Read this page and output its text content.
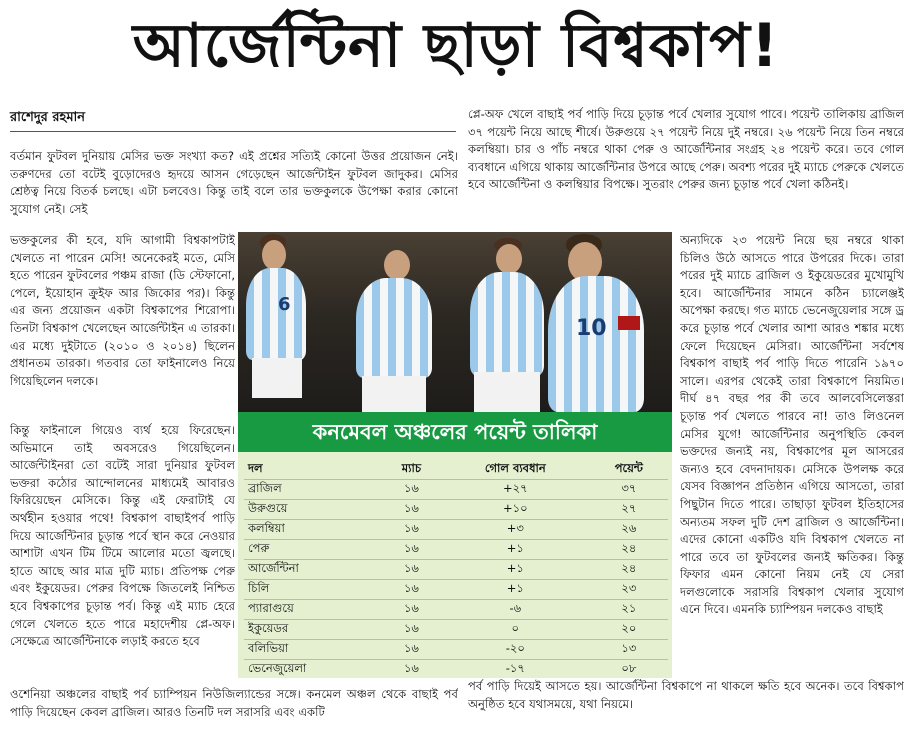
আর্জেন্টিনা ছাড়া বিশ্বকাপ!
রাশেদুর রহমান

বর্তমান ফুটবল দুনিয়ায় মেসির ভক্ত সংখ্যা কত? এই প্রশ্নের সত্যিই কোনো উত্তর প্রয়োজন নেই। তরুণদের তো বটেই বুড়োদেরও হৃদয়ে আসন গেড়েছেন আর্জেন্টাইন ফুটবল জাদুকর। মেসির শ্রেষ্ঠত্ব নিয়ে বিতর্ক চলছে। এটা চলবেও। কিন্তু তাই বলে তার ভক্তকুলকে উপেক্ষা করার কোনো সুযোগ নেই। সেই

ভক্তকুলের কী হবে, যদি আগামী বিশ্বকাপটাই খেলতে না পারেন মেসি! অনেকেরই মতে, মেসি হতে পারেন ফুটবলের পঞ্চম রাজা (ডি স্টেফানো, পেলে, ইয়োহান ক্রুইফ আর জিকোর পর)। কিন্তু এর জন্য প্রয়োজন একটা বিশ্বকাপের শিরোপা। তিনটা বিশ্বকাপ খেলেছেন আর্জেন্টাইন এ তারকা। এর মধ্যে দুইটাতে (২০১০ ও ২০১৪) ছিলেন প্রধানতম তারকা। গতবার তো ফাইনালেও নিয়ে গিয়েছিলেন দলকে।

কিন্তু ফাইনালে গিয়েও ব্যর্থ হয়ে ফিরেছেন। অভিমানে তাই অবসরেও গিয়েছিলেন। আর্জেন্টাইনরা তো বটেই সারা দুনিয়ার ফুটবল ভক্তরা কঠোর আন্দোলনের মাধ্যমেই আবারও ফিরিয়েছেন মেসিকে। কিন্তু এই ফেরাটাই যে অর্থহীন হওয়ার পথে! বিশ্বকাপ বাছাইপর্ব পাড়ি দিয়ে আর্জেন্টিনার চূড়ান্ত পর্বে স্থান করে নেওয়ার আশাটা এখন টিম টিমে আলোর মতো জ্বলছে। হাতে আছে আর মাত্র দুটি ম্যাচ। প্রতিপক্ষ পেরু এবং ইকুয়েডর। পেরুর বিপক্ষে জিতলেই নিশ্চিত হবে বিশ্বকাপের চূড়ান্ত পর্ব। কিন্তু এই ম্যাচ হেরে গেলে খেলতে হতে পারে মহাদেশীয় প্লে-অফ। সেক্ষেত্রে আর্জেন্টিনাকে লড়াই করতে হবে

ওশেনিয়া অঞ্চলের বাছাই পর্ব চ্যাম্পিয়ন নিউজিল্যান্ডের সঙ্গে। কনমেল অঞ্চল থেকে বাছাই পর্ব পাড়ি দিয়েছেন কেবল ব্রাজিল। আরও তিনটি দল সরাসরি এবং একটি

প্লে-অফ খেলে বাছাই পর্ব পাড়ি দিয়ে চূড়ান্ত পর্বে খেলার সুযোগ পাবে। পয়েন্ট তালিকায় ব্রাজিল ৩৭ পয়েন্ট নিয়ে আছে শীর্ষে। উরুগুয়ে ২৭ পয়েন্ট নিয়ে দুই নম্বরে। ২৬ পয়েন্ট নিয়ে তিন নম্বরে কলম্বিয়া। চার ও পাঁচ নম্বরে থাকা পেরু ও আর্জেন্টিনার সংগ্রহ ২৪ পয়েন্ট করে। তবে গোল ব্যবধানে এগিয়ে থাকায় আর্জেন্টিনার উপরে আছে পেরু। অবশ্য পরের দুই ম্যাচে পেরুকে খেলতে হবে আর্জেন্টিনা ও কলম্বিয়ার বিপক্ষে। সুতরাং পেরুর জন্য চূড়ান্ত পর্বে খেলা কঠিনই।

অন্যদিকে ২৩ পয়েন্ট নিয়ে ছয় নম্বরে থাকা চিলিও উঠে আসতে পারে উপরের দিকে। তারা পরের দুই ম্যাচে ব্রাজিল ও ইকুয়েডরের মুখোমুখি হবে। আর্জেন্টিনার সামনে কঠিন চ্যালেঞ্জই অপেক্ষা করছে। গত ম্যাচে ভেনেজুয়েলার সঙ্গে ড্র করে চূড়ান্ত পর্বে খেলার আশা আরও শঙ্কার মধ্যে ফেলে দিয়েছেন মেসিরা। আর্জেন্টিনা সর্বশেষ বিশ্বকাপ বাছাই পর্ব পাড়ি দিতে পারেনি ১৯৭০ সালে। এরপর থেকেই তারা বিশ্বকাপে নিয়মিত। দীর্ঘ ৪৭ বছর পর কী তবে আলবেসিলেস্তরা চূড়ান্ত পর্ব খেলতে পারবে না! তাও লিওনেল মেসির যুগে! আর্জেন্টিনার অনুপস্থিতি কেবল ভক্তদের জন্যই নয়, বিশ্বকাপের মূল আসরের জন্যও হবে বেদনাদায়ক। মেসিকে উপলক্ষ করে যেসব বিজ্ঞাপন প্রতিষ্ঠান এগিয়ে আসতো, তারা পিছুটান দিতে পারে। তাছাড়া ফুটবল ইতিহাসের অন্যতম সফল দুটি দেশ ব্রাজিল ও আর্জেন্টিনা। এদের কোনো একটিও যদি বিশ্বকাপ খেলতে না পারে তবে তা ফুটবলের জন্যই ক্ষতিকর। কিন্তু ফিফার এমন কোনো নিয়ম নেই যে সেরা দলগুলোকে সরাসরি বিশ্বকাপ খেলার সুযোগ এনে দিবে। এমনকি চ্যাম্পিয়ন দলকেও বাছাই

পর্ব পাড়ি দিয়েই আসতে হয়। আর্জেন্টিনা বিশ্বকাপে না থাকলে ক্ষতি হবে অনেক। তবে বিশ্বকাপ অনুষ্ঠিত হবে যথাসময়ে, যথা নিয়মে।

6
10
কনমেবল অঞ্চলের পয়েন্ট তালিকা
দল	ম্যাচ	গোল ব্যবধান	পয়েন্ট
ব্রাজিল	১৬	+২৭	৩৭
উরুগুয়ে	১৬	+১০	২৭
কলম্বিয়া	১৬	+৩	২৬
পেরু	১৬	+১	২৪
আর্জেন্টিনা	১৬	+১	২৪
চিলি	১৬	+১	২৩
প্যারাগুয়ে	১৬	-৬	২১
ইকুয়েডর	১৬	০	২০
বলিভিয়া	১৬	-২০	১৩
ভেনেজুয়েলা	১৬	-১৭	০৮
